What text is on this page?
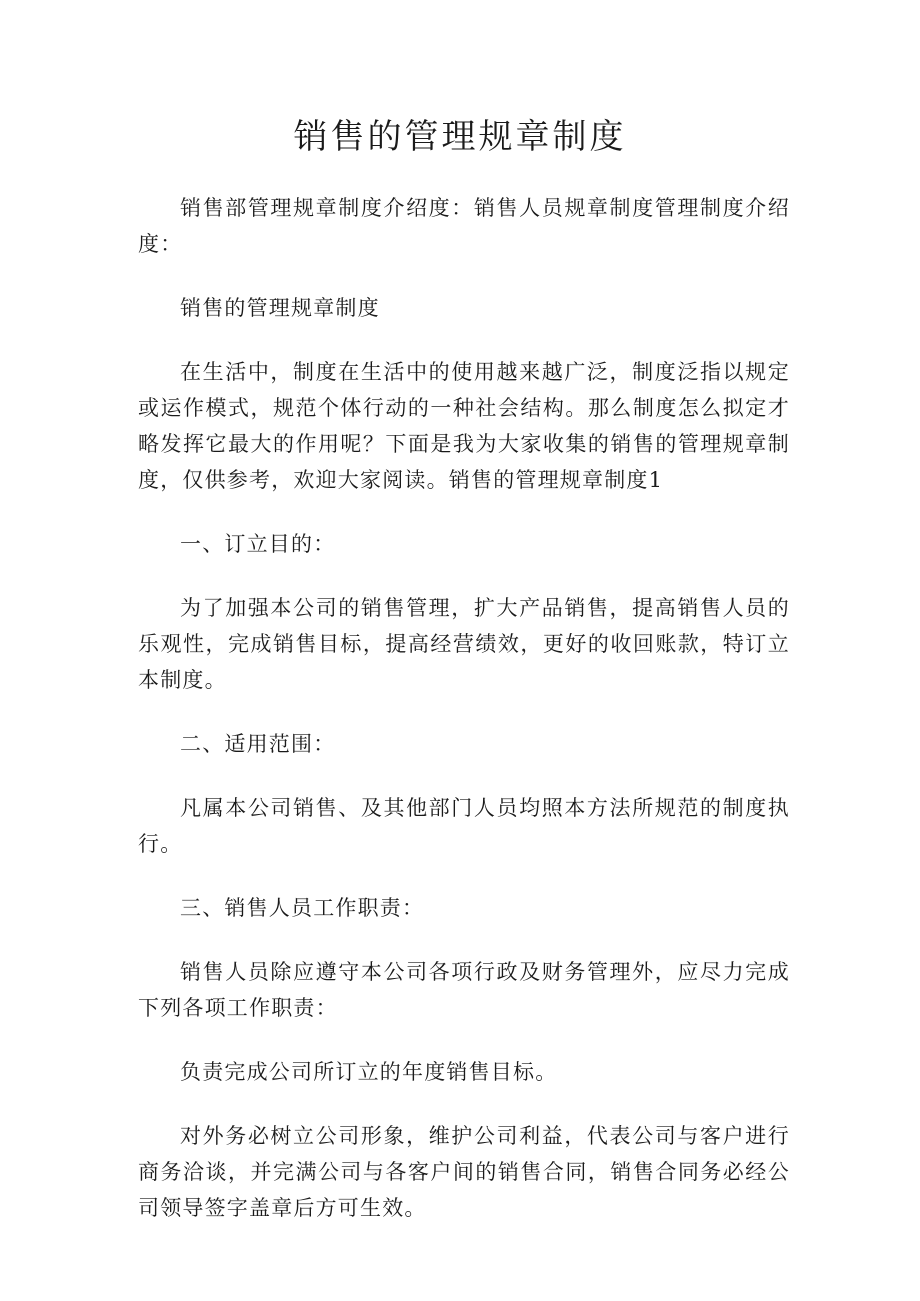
销售的管理规章制度

销售部管理规章制度介绍度：销售人员规章制度管理制度介绍度：

销售的管理规章制度

在生活中，制度在生活中的使用越来越广泛，制度泛指以规定或运作模式，规范个体行动的一种社会结构。那么制度怎么拟定才略发挥它最大的作用呢？下面是我为大家收集的销售的管理规章制度，仅供参考，欢迎大家阅读。销售的管理规章制度1

一、订立目的：

为了加强本公司的销售管理，扩大产品销售，提高销售人员的乐观性，完成销售目标，提高经营绩效，更好的收回账款，特订立本制度。

二、适用范围：

凡属本公司销售、及其他部门人员均照本方法所规范的制度执行。

三、销售人员工作职责：

销售人员除应遵守本公司各项行政及财务管理外，应尽力完成下列各项工作职责：

负责完成公司所订立的年度销售目标。

对外务必树立公司形象，维护公司利益，代表公司与客户进行商务洽谈，并完满公司与各客户间的销售合同，销售合同务必经公司领导签字盖章后方可生效。
